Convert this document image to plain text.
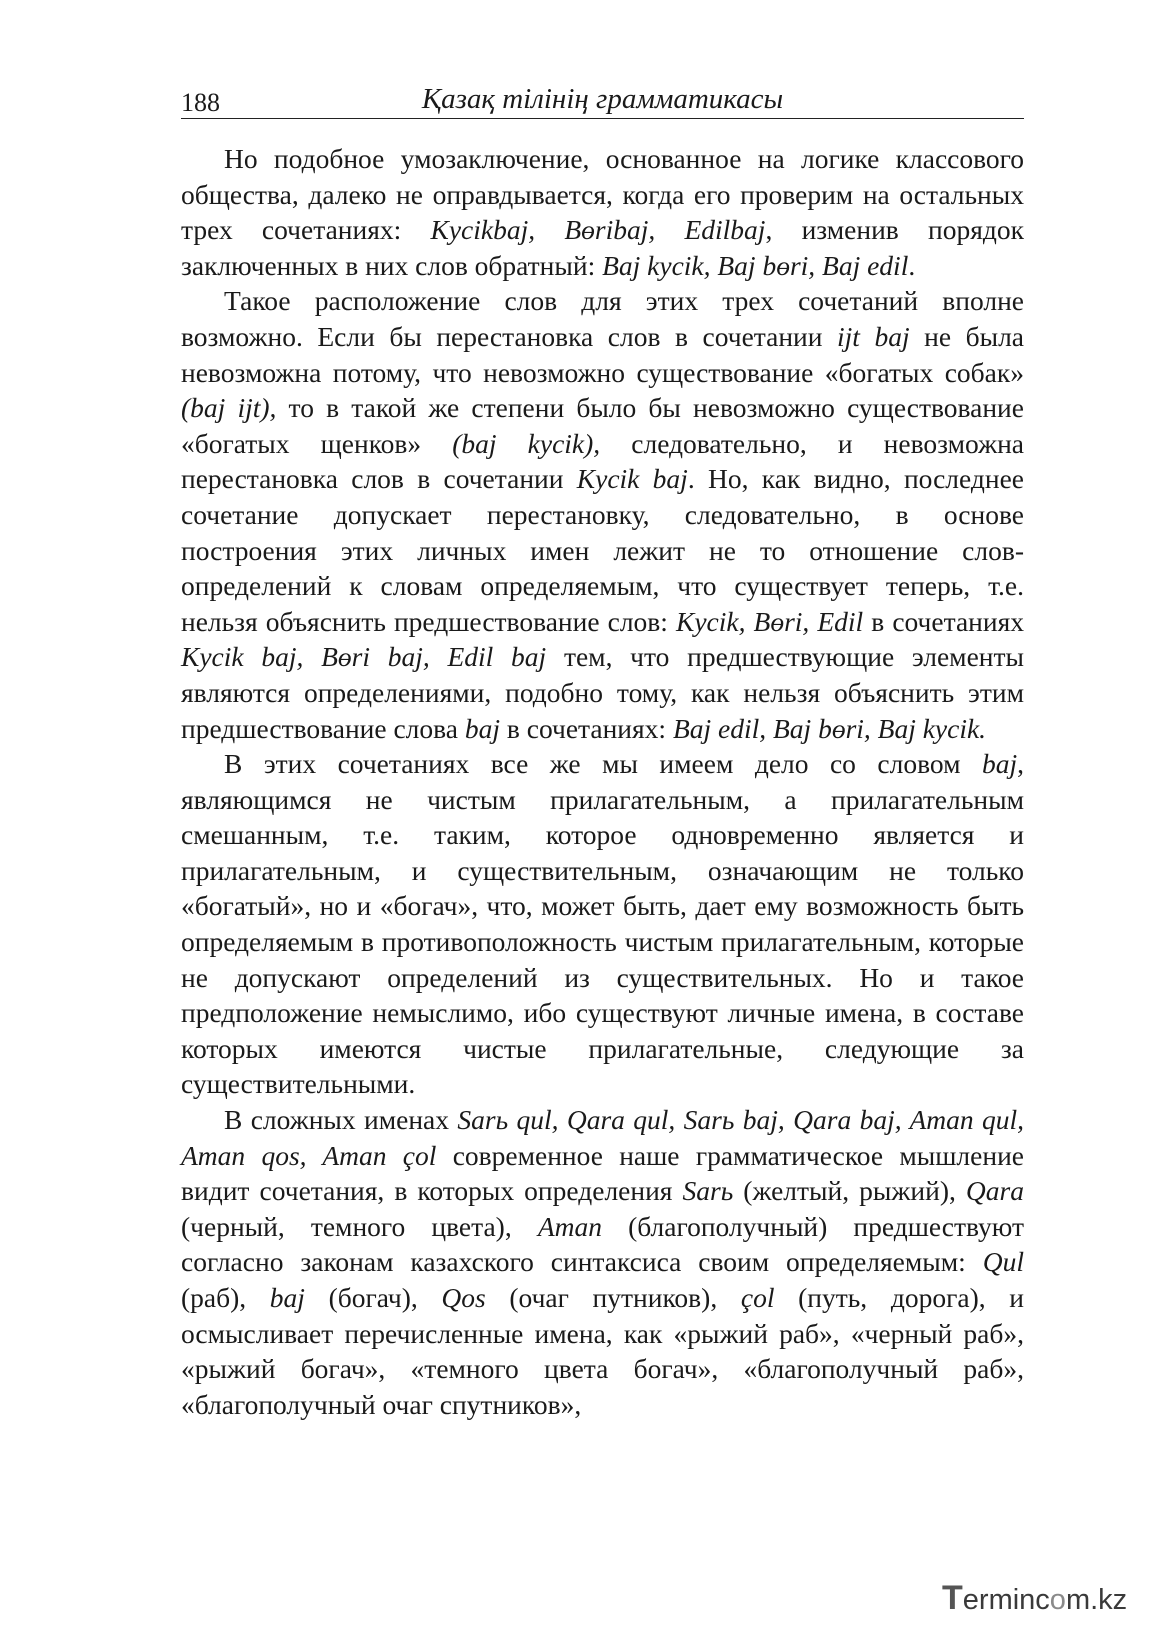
188	Қазақ тілінің грамматикасы

Но подобное умозаключение, основанное на логике классового общества, далеко не оправдывается, когда его проверим на остальных трех сочетаниях: Kycikbaj, Bөribaj, Edilbaj, изменив порядок заключенных в них слов обратный: Baj kycik, Baj bөri, Baj edil.

Такое расположение слов для этих трех сочетаний вполне возможно. Если бы перестановка слов в сочетании ijt baj не была невозможна потому, что невозможно существование «богатых собак» (baj ijt), то в такой же степени было бы невозможно существование «богатых щенков» (baj kycik), следовательно, и невозможна перестановка слов в сочетании Kycik baj. Но, как видно, последнее сочетание допускает перестановку, следовательно, в основе построения этих личных имен лежит не то отношение слов-определений к словам определяемым, что существует теперь, т.е. нельзя объяснить предшествование слов: Kycik, Bөri, Edil в сочетаниях Kycik baj, Bөri baj, Edil baj тем, что предшествующие элементы являются определениями, подобно тому, как нельзя объяснить этим предшествование слова baj в сочетаниях: Baj edil, Baj bөri, Baj kycik.

В этих сочетаниях все же мы имеем дело со словом baj, являющимся не чистым прилагательным, а прилагательным смешанным, т.е. таким, которое одновременно является и прилагательным, и существительным, означающим не только «богатый», но и «богач», что, может быть, дает ему возможность быть определяемым в противоположность чистым прилагательным, которые не допускают определений из существительных. Но и такое предположение немыслимо, ибо существуют личные имена, в составе которых имеются чистые прилагательные, следующие за существительными.

В сложных именах Sarь qul, Qara qul, Sarь baj, Qara baj, Aman qul, Aman qos, Aman çol современное наше грамматическое мышление видит сочетания, в которых определения Sarь (желтый, рыжий), Qara (черный, темного цвета), Aman (благополучный) предшествуют согласно законам казахского синтаксиса своим определяемым: Qul (раб), baj (богач), Qos (очаг путников), çol (путь, дорога), и осмысливает перечисленные имена, как «рыжий раб», «черный раб», «рыжий богач», «темного цвета богач», «благополучный раб», «благополучный очаг спутников»,

Termincom.kz
